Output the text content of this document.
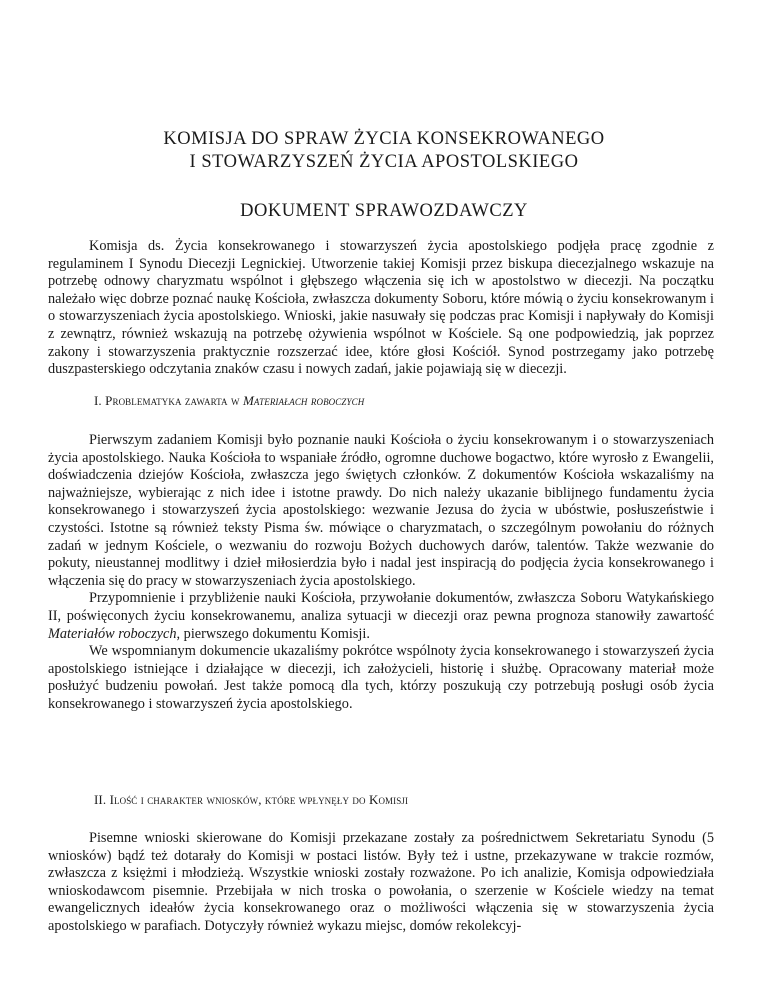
KOMISJA DO SPRAW ŻYCIA KONSEKROWANEGO
I STOWARZYSZEŃ ŻYCIA APOSTOLSKIEGO
DOKUMENT SPRAWOZDAWCZY

Komisja ds. Życia konsekrowanego i stowarzyszeń życia apostolskiego podjęła pracę zgodnie z regulaminem I Synodu Diecezji Legnickiej. Utworzenie takiej Komisji przez biskupa diecezjalnego wskazuje na potrzebę odnowy charyzmatu wspólnot i głębszego włączenia się ich w apostolstwo w diecezji. Na początku należało więc dobrze poznać naukę Kościoła, zwłaszcza dokumenty Soboru, które mówią o życiu konsekrowanym i o stowarzyszeniach życia apostolskiego. Wnioski, jakie nasuwały się podczas prac Komisji i napływały do Komisji z zewnątrz, również wskazują na potrzebę ożywienia wspólnot w Kościele. Są one podpowiedzią, jak poprzez zakony i stowarzyszenia praktycznie rozszerzać idee, które głosi Kościół. Synod postrzegamy jako potrzebę duszpasterskiego odczytania znaków czasu i nowych zadań, jakie pojawiają się w diecezji.

I. Problematyka zawarta w Materiałach roboczych

Pierwszym zadaniem Komisji było poznanie nauki Kościoła o życiu konsekrowanym i o stowarzyszeniach życia apostolskiego. Nauka Kościoła to wspaniałe źródło, ogromne duchowe bogactwo, które wyrosło z Ewangelii, doświadczenia dziejów Kościoła, zwłaszcza jego świętych członków. Z dokumentów Kościoła wskazaliśmy na najważniejsze, wybierając z nich idee i istotne prawdy. Do nich należy ukazanie biblijnego fundamentu życia konsekrowanego i stowarzyszeń życia apostolskiego: wezwanie Jezusa do życia w ubóstwie, posłuszeństwie i czystości. Istotne są również teksty Pisma św. mówiące o charyzmatach, o szczególnym powołaniu do różnych zadań w jednym Kościele, o wezwaniu do rozwoju Bożych duchowych darów, talentów. Także wezwanie do pokuty, nieustannej modlitwy i dzieł miłosierdzia było i nadal jest inspiracją do podjęcia życia konsekrowanego i włączenia się do pracy w stowarzyszeniach życia apostolskiego.

Przypomnienie i przybliżenie nauki Kościoła, przywołanie dokumentów, zwłaszcza Soboru Watykańskiego II, poświęconych życiu konsekrowanemu, analiza sytuacji w diecezji oraz pewna prognoza stanowiły zawartość Materiałów roboczych, pierwszego dokumentu Komisji.

We wspomnianym dokumencie ukazaliśmy pokrótce wspólnoty życia konsekrowanego i stowarzyszeń życia apostolskiego istniejące i działające w diecezji, ich założycieli, historię i służbę. Opracowany materiał może posłużyć budzeniu powołań. Jest także pomocą dla tych, którzy poszukują czy potrzebują posługi osób życia konsekrowanego i stowarzyszeń życia apostolskiego.

II. Ilość i charakter wniosków, które wpłynęły do Komisji

Pisemne wnioski skierowane do Komisji przekazane zostały za pośrednictwem Sekretariatu Synodu (5 wniosków) bądź też dotarały do Komisji w postaci listów. Były też i ustne, przekazywane w trakcie rozmów, zwłaszcza z księżmi i młodzieżą. Wszystkie wnioski zostały rozważone. Po ich analizie, Komisja odpowiedziała wnioskodawcom pisemnie. Przebijała w nich troska o powołania, o szerzenie w Kościele wiedzy na temat ewangelicznych ideałów życia konsekrowanego oraz o możliwości włączenia się w stowarzyszenia życia apostolskiego w parafiach. Dotyczyły również wykazu miejsc, domów rekolekcyj-
